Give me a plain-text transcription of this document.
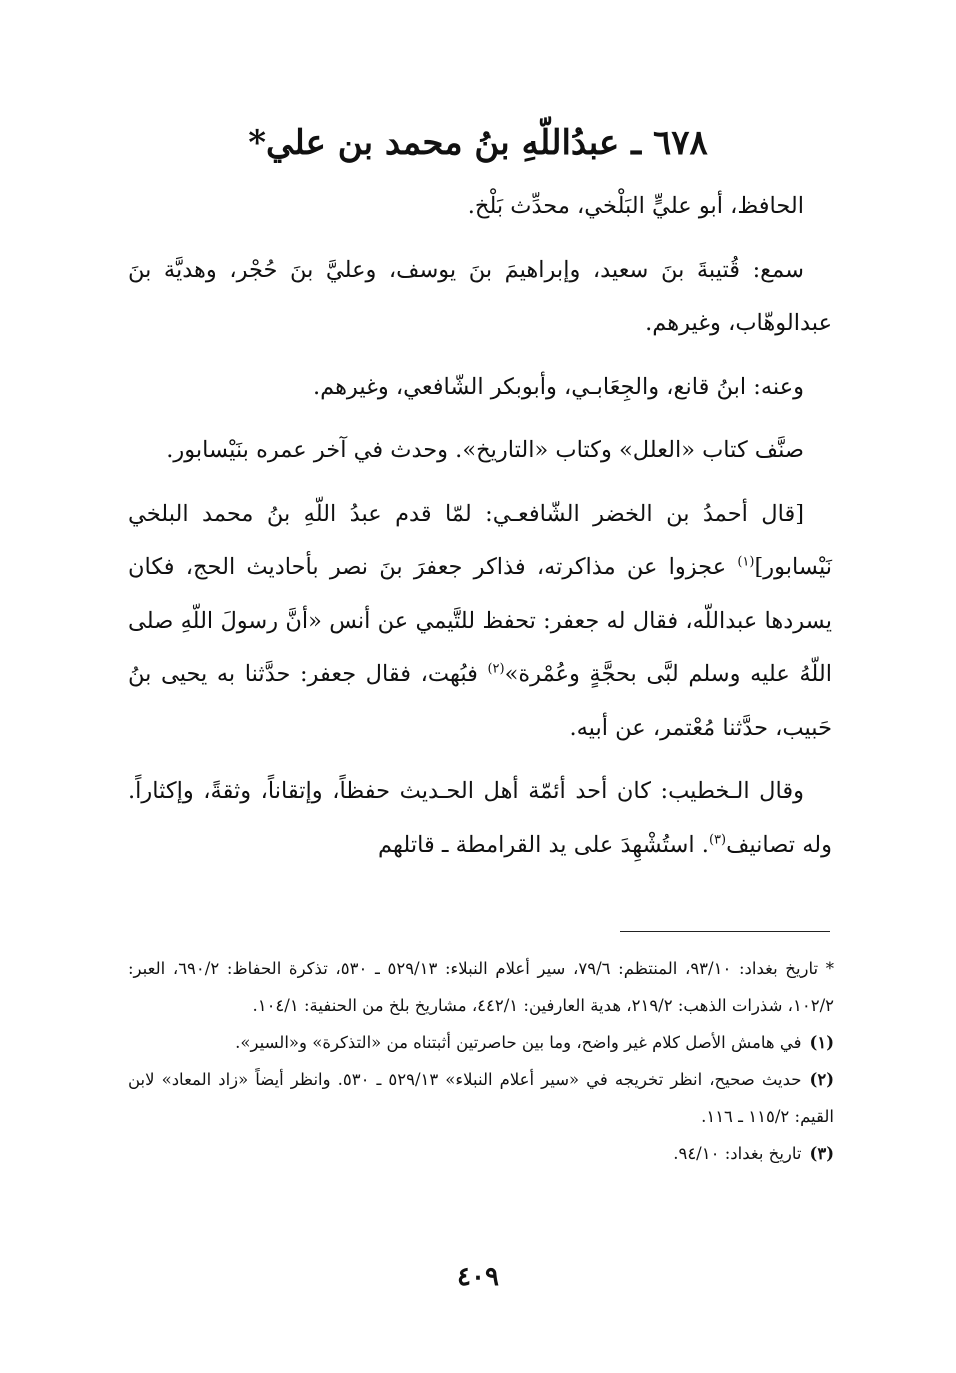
٦٧٨ ـ عبدُاللّهِ بنُ محمد بن علي*

الحافظ، أبو عليٍّ البَلْخي، محدِّث بَلْخ.

سمع: قُتيبةَ بنَ سعيد، وإبراهيمَ بنَ يوسف، وعليَّ بنَ حُجْر، وهديَّة بنَ عبدالوهّاب، وغيرهم.

وعنه: ابنُ قانع، والجِعَابـي، وأبوبكر الشّافعي، وغيرهم.

صنَّف كتاب «العلل» وكتاب «التاريخ». وحدث في آخر عمره بنَيْسابور.

[قال أحمدُ بن الخضر الشّافعـي: لمّا قدم عبدُ اللّهِ بنُ محمد البلخي نَيْسابور]$^{(١)}$ عجزوا عن مذاكرته، فذاكر جعفرَ بنَ نصر بأحاديث الحج، فكان يسردها عبداللّه، فقال له جعفر: تحفظ للتَّيمي عن أنس «أنَّ رسولَ اللّهِ صلى اللّهُ عليه وسلم لبَّى بحجَّةٍ وعُمْرة»$^{(٢)}$ فبُهت، فقال جعفر: حدَّثنا به يحيى بنُ حَبيب، حدَّثنا مُعْتمر، عن أبيه.

وقال الـخطيب: كان أحد أئمّة أهل الحـديث حفظاً، وإتقاناً، وثقةً، وإكثاراً. وله تصانيف$^{(٣)}$. استُشْهِدَ على يد القرامطة ـ قاتلهم

* تاريخ بغداد: ٩٣/١٠، المنتظم: ٧٩/٦، سير أعلام النبلاء: ٥٢٩/١٣ ـ ٥٣٠، تذكرة الحفاظ: ٦٩٠/٢، العبر: ١٠٢/٢، شذرات الذهب: ٢١٩/٢، هدية العارفين: ٤٤٢/١، مشاريخ بلخ من الحنفية: ١٠٤/١.

(١)في هامش الأصل كلام غير واضح، وما بين حاصرتين أثبتناه من «التذكرة» و«السير».

(٢)حديث صحيح، انظر تخريجه في «سير أعلام النبلاء» ٥٢٩/١٣ ـ ٥٣٠. وانظر أيضاً «زاد المعاد» لابن القيم: ١١٥/٢ ـ ١١٦.

(٣)تاريخ بغداد: ٩٤/١٠.

٤٠٩
